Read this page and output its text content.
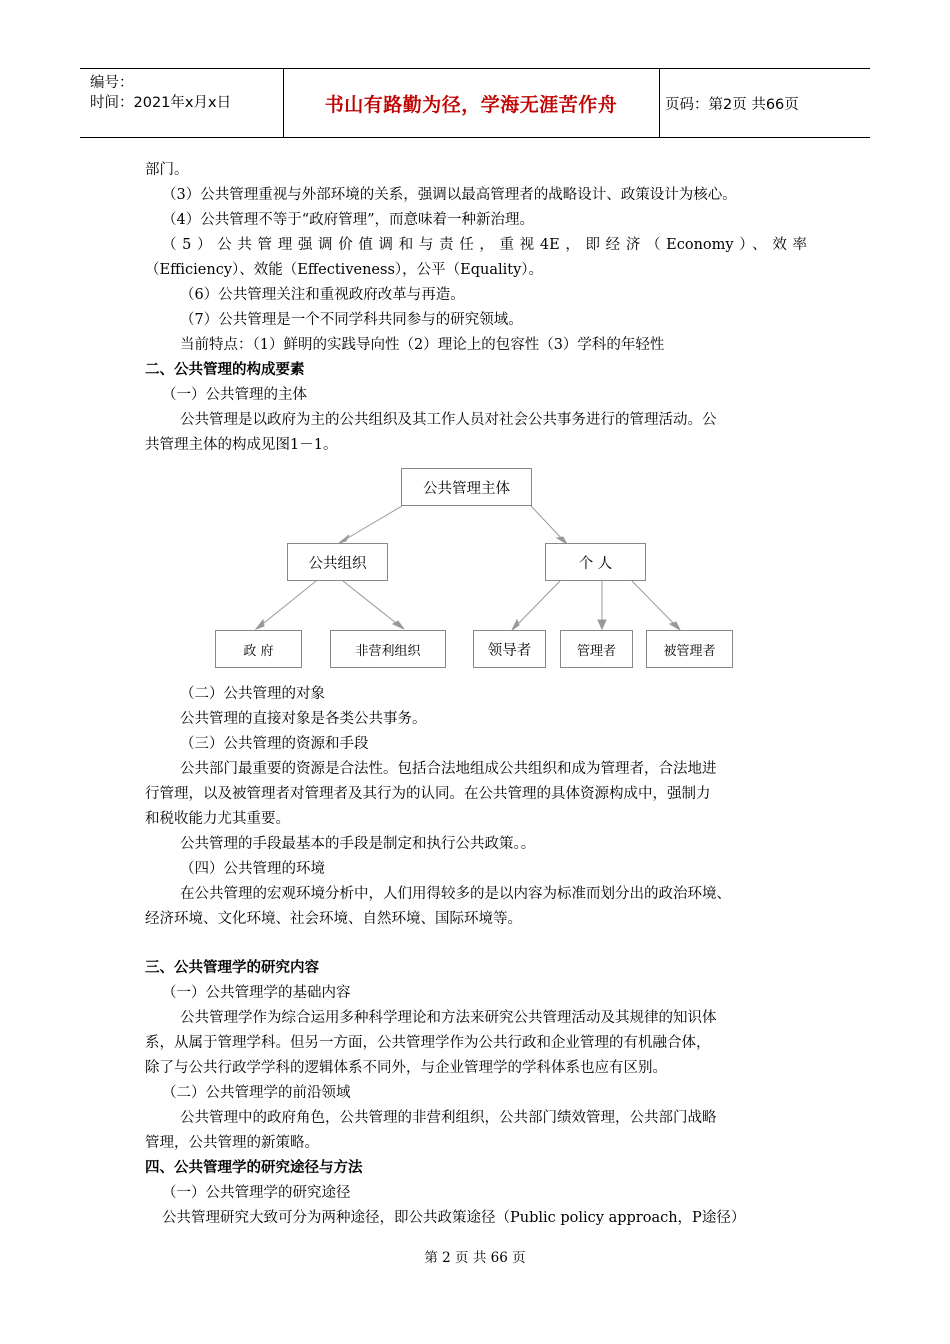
编号：
时间：2021年x月x日	书山有路勤为径，学海无涯苦作舟	页码：第2页 共66页
部门。
（3）公共管理重视与外部环境的关系，强调以最高管理者的战略设计、政策设计为核心。
（4）公共管理不等于“政府管理”，而意味着一种新治理。
（5）公共管理强调价值调和与责任，重视4E，即经济（Economy）、效率
（Efficiency）、效能（Effectiveness），公平（Equality）。
（6）公共管理关注和重视政府改革与再造。
（7）公共管理是一个不同学科共同参与的研究领域。
当前特点：（1）鲜明的实践导向性（2）理论上的包容性（3）学科的年轻性
二、公共管理的构成要素
（一）公共管理的主体
公共管理是以政府为主的公共组织及其工作人员对社会公共事务进行的管理活动。公
共管理主体的构成见图1－1。
公共管理主体
公共组织	个 人
政 府	非营利组织	领导者	管理者	被管理者
（二）公共管理的对象
公共管理的直接对象是各类公共事务。
（三）公共管理的资源和手段
公共部门最重要的资源是合法性。包括合法地组成公共组织和成为管理者，合法地进
行管理，以及被管理者对管理者及其行为的认同。在公共管理的具体资源构成中，强制力
和税收能力尤其重要。
公共管理的手段最基本的手段是制定和执行公共政策。。
（四）公共管理的环境
在公共管理的宏观环境分析中，人们用得较多的是以内容为标准而划分出的政治环境、
经济环境、文化环境、社会环境、自然环境、国际环境等。
三、公共管理学的研究内容
（一）公共管理学的基础内容
公共管理学作为综合运用多种科学理论和方法来研究公共管理活动及其规律的知识体
系，从属于管理学科。但另一方面，公共管理学作为公共行政和企业管理的有机融合体，
除了与公共行政学学科的逻辑体系不同外，与企业管理学的学科体系也应有区别。
（二）公共管理学的前沿领域
公共管理中的政府角色，公共管理的非营利组织，公共部门绩效管理，公共部门战略
管理，公共管理的新策略。
四、公共管理学的研究途径与方法
（一）公共管理学的研究途径
公共管理研究大致可分为两种途径，即公共政策途径（Public policy approach，P途径）
第 2 页 共 66 页
